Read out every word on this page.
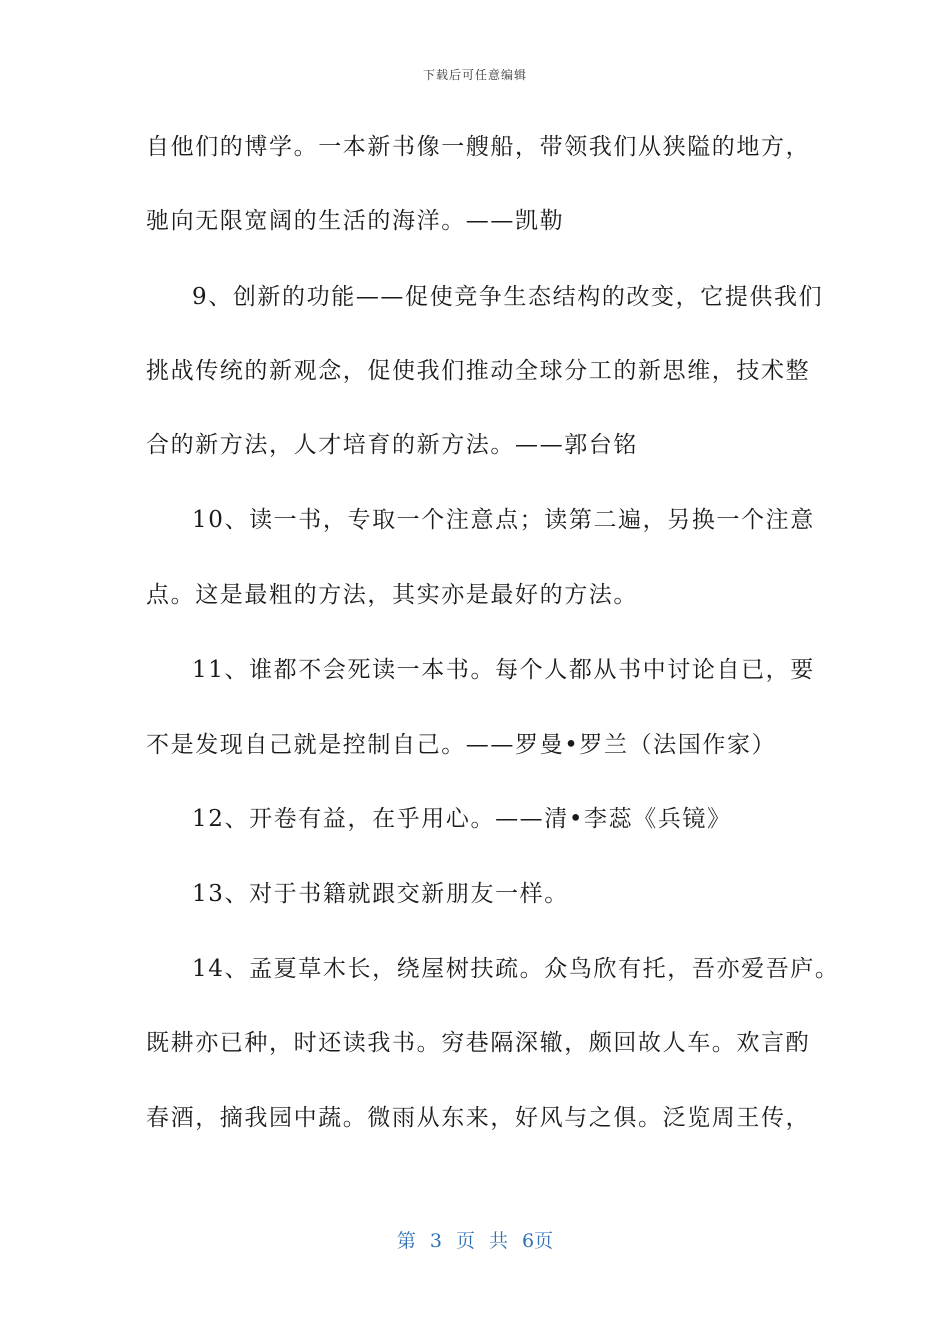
下载后可任意编辑
自他们的博学。一本新书像一艘船，带领我们从狭隘的地方，
驰向无限宽阔的生活的海洋。——凯勒
9、创新的功能——促使竞争生态结构的改变，它提供我们
挑战传统的新观念，促使我们推动全球分工的新思维，技术整
合的新方法，人才培育的新方法。——郭台铭
10、读一书，专取一个注意点；读第二遍，另换一个注意
点。这是最粗的方法，其实亦是最好的方法。
11、谁都不会死读一本书。每个人都从书中讨论自已，要
不是发现自己就是控制自己。——罗曼•罗兰（法国作家）
12、开卷有益，在乎用心。——清•李蕊《兵镜》
13、对于书籍就跟交新朋友一样。
14、孟夏草木长，绕屋树扶疏。众鸟欣有托，吾亦爱吾庐。
既耕亦已种，时还读我书。穷巷隔深辙，颇回故人车。欢言酌
春酒，摘我园中蔬。微雨从东来，好风与之俱。泛览周王传，
第 3 页 共 6页
